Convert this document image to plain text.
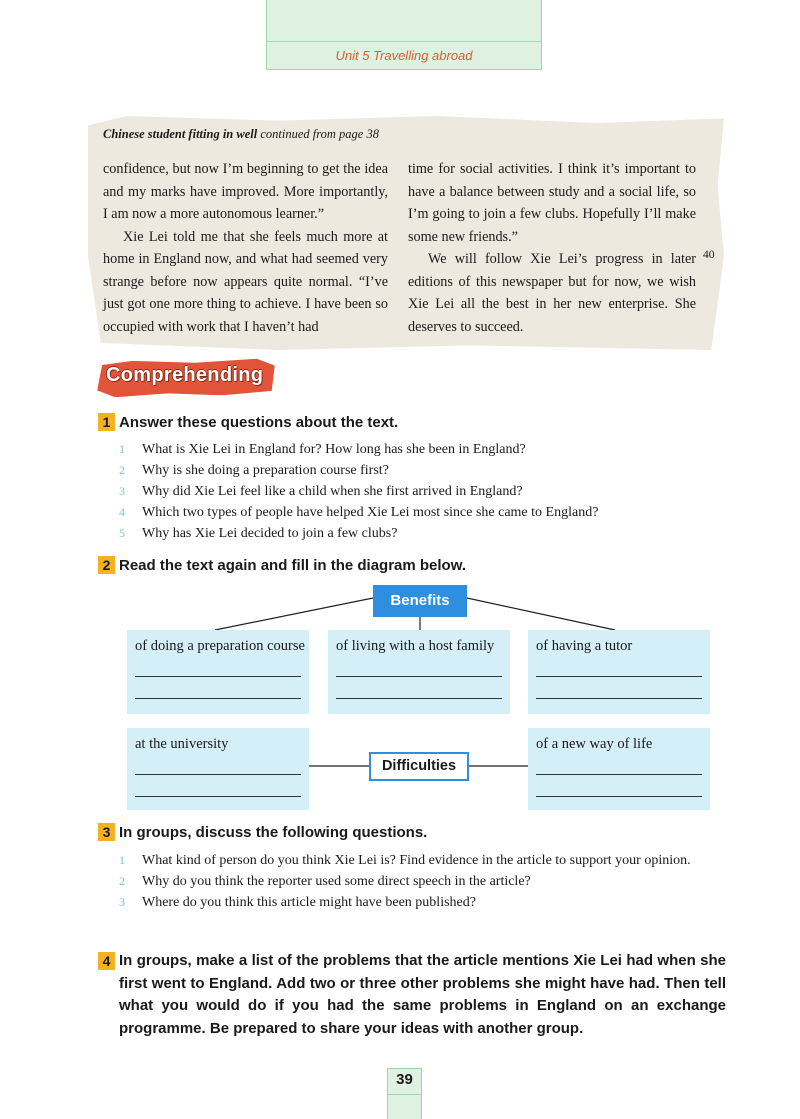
Unit 5 Travelling abroad
Chinese student fitting in well continued from page 38

confidence, but now I’m beginning to get the idea and my marks have improved. More importantly, I am now a more autonomous learner.”

Xie Lei told me that she feels much more at home in England now, and what had seemed very strange before now appears quite normal. “I’ve just got one more thing to achieve. I have been so occupied with work that I haven’t had

time for social activities. I think it’s important to have a balance between study and a social life, so I’m going to join a few clubs. Hopefully I’ll make some new friends.”

We will follow Xie Lei’s progress in later editions of this newspaper but for now, we wish Xie Lei all the best in her new enterprise. She deserves to succeed.

40
Comprehending
1 Answer these questions about the text.
1 What is Xie Lei in England for? How long has she been in England?
2 Why is she doing a preparation course first?
3 Why did Xie Lei feel like a child when she first arrived in England?
4 Which two types of people have helped Xie Lei most since she came to England?
5 Why has Xie Lei decided to join a few clubs?
2 Read the text again and fill in the diagram below.
Benefits
of doing a preparation course of living with a host family	of having a tutor
at the university	of a new way of life
Difficulties
3 In groups, discuss the following questions.
1	What kind of person do you think Xie Lei is? Find evidence in the article to support your opinion.
2 Why do you think the reporter used some direct speech in the article?
3 Where do you think this article might have been published?
4 In groups, make a list of the problems that the article mentions Xie Lei had when she first went to England. Add two or three other problems she might have had. Then tell what you would do if you had the same problems in England on an exchange programme. Be prepared to share your ideas with another group.
39
